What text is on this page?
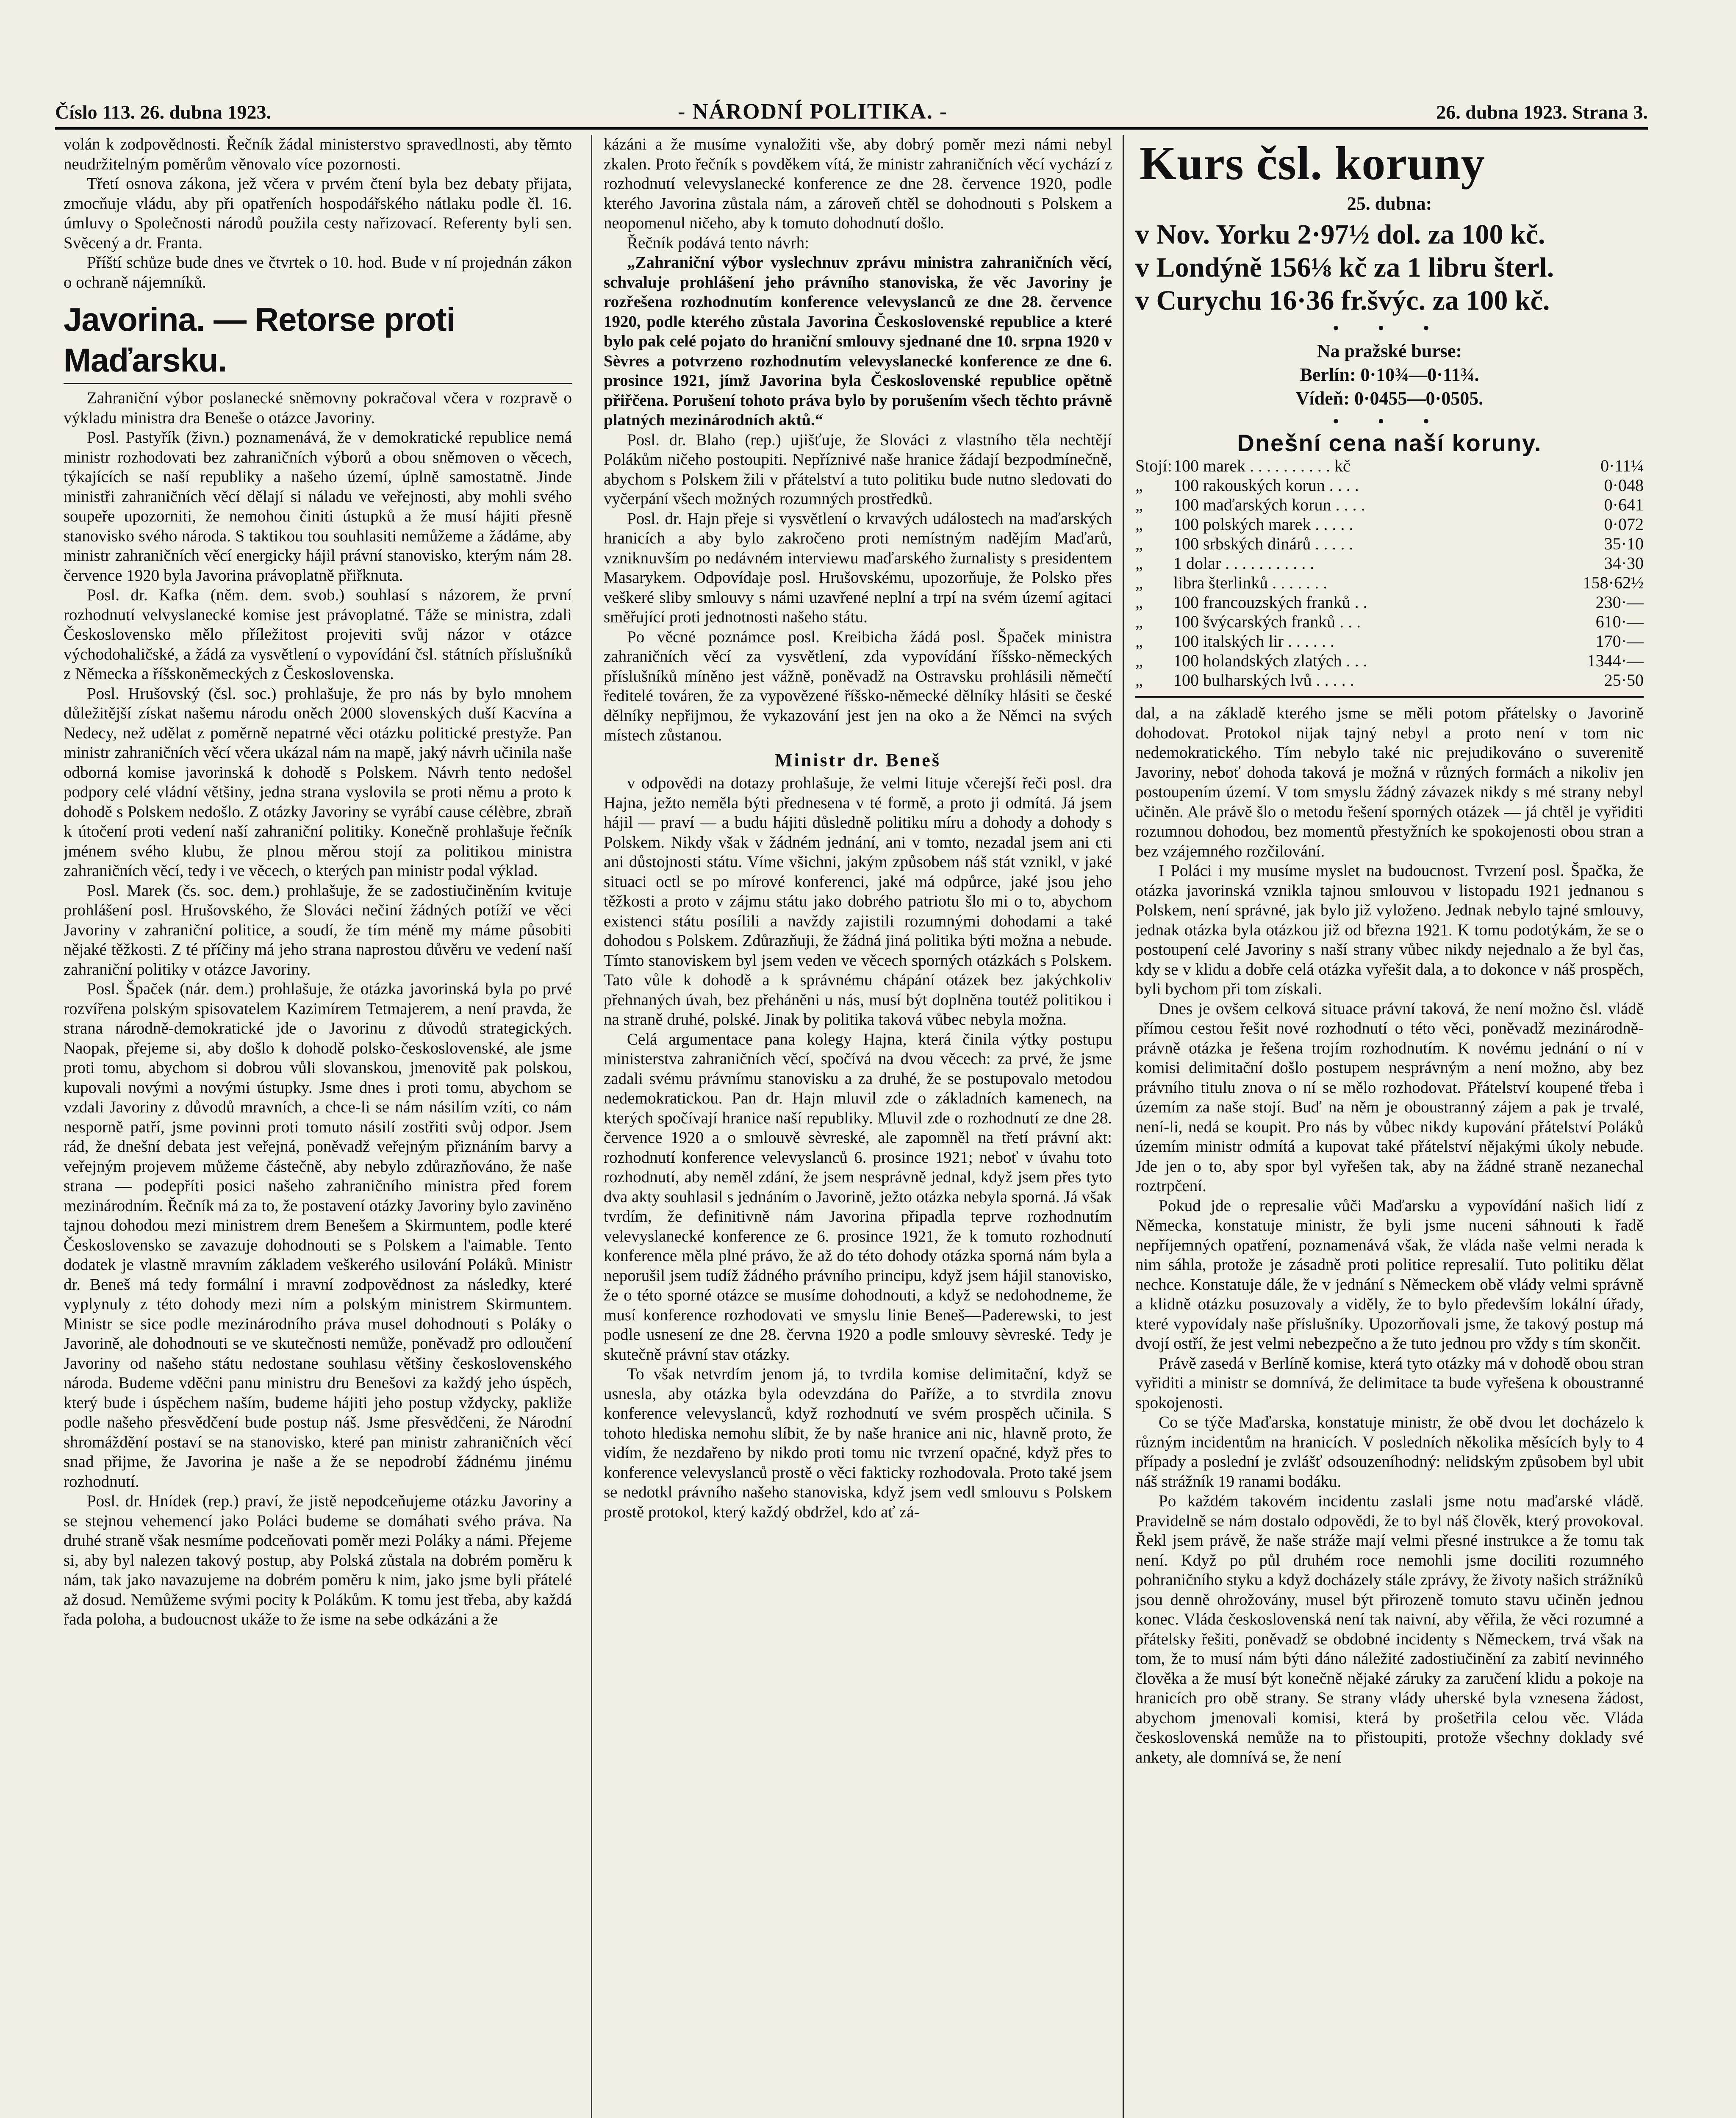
Číslo 113. 26. dubna 1923.	- NÁRODNÍ POLITIKA. -	26. dubna 1923. Strana 3.

volán k zodpovědnosti. Řečník žádal ministerstvo spravedlnosti, aby těmto neudržitelným poměrům věnovalo více pozornosti.

Třetí osnova zákona, jež včera v prvém čtení byla bez debaty přijata, zmocňuje vládu, aby při opatřeních hospodářského nátlaku podle čl. 16. úmluvy o Společnosti národů použila cesty nařizovací. Referenty byli sen. Svěcený a dr. Franta.

Příští schůze bude dnes ve čtvrtek o 10. hod. Bude v ní projednán zákon o ochraně nájemníků.

Javorina. — Retorse proti Maďarsku.

Zahraniční výbor poslanecké sněmovny pokračoval včera v rozpravě o výkladu ministra dra Beneše o otázce Javoriny.

Posl. Pastyřík (živn.) poznamenává, že v demokratické republice nemá ministr rozhodovati bez zahraničních výborů a obou sněmoven o věcech, týkajících se naší republiky a našeho území, úplně samostatně. Jinde ministři zahraničních věcí dělají si náladu ve veřejnosti, aby mohli svého soupeře upozorniti, že nemohou činiti ústupků a že musí hájiti přesně stanovisko svého národa. S taktikou tou souhlasiti nemůžeme a žádáme, aby ministr zahraničních věcí energicky hájil právní stanovisko, kterým nám 28. července 1920 byla Javorina právoplatně přiřknuta.

Posl. dr. Kafka (něm. dem. svob.) souhlasí s názorem, že první rozhodnutí velvyslanecké komise jest právoplatné. Táže se ministra, zdali Československo mělo příležitost projeviti svůj názor v otázce východohaličské, a žádá za vysvětlení o vypovídání čsl. státních příslušníků z Německa a říšskoněmeckých z Československa.

Posl. Hrušovský (čsl. soc.) prohlašuje, že pro nás by bylo mnohem důležitější získat našemu národu oněch 2000 slovenských duší Kacvína a Nedecy, než udělat z poměrně nepatrné věci otázku politické prestyže. Pan ministr zahraničních věcí včera ukázal nám na mapě, jaký návrh učinila naše odborná komise javorinská k dohodě s Polskem. Návrh tento nedošel podpory celé vládní většiny, jedna strana vyslovila se proti němu a proto k dohodě s Polskem nedošlo. Z otázky Javoriny se vyrábí cause célèbre, zbraň k útočení proti vedení naší zahraniční politiky. Konečně prohlašuje řečník jménem svého klubu, že plnou měrou stojí za politikou ministra zahraničních věcí, tedy i ve věcech, o kterých pan ministr podal výklad.

Posl. Marek (čs. soc. dem.) prohlašuje, že se zadostiučiněním kvituje prohlášení posl. Hrušovského, že Slováci nečiní žádných potíží ve věci Javoriny v zahraniční politice, a soudí, že tím méně my máme působiti nějaké těžkosti. Z té příčiny má jeho strana naprostou důvěru ve vedení naší zahraniční politiky v otázce Javoriny.

Posl. Špaček (nár. dem.) prohlašuje, že otázka javorinská byla po prvé rozvířena polským spisovatelem Kazimírem Tetmajerem, a není pravda, že strana národně-demokratické jde o Javorinu z důvodů strategických. Naopak, přejeme si, aby došlo k dohodě polsko-československé, ale jsme proti tomu, abychom si dobrou vůli slovanskou, jmenovitě pak polskou, kupovali novými a novými ústupky. Jsme dnes i proti tomu, abychom se vzdali Javoriny z důvodů mravních, a chce-li se nám násilím vzíti, co nám nesporně patří, jsme povinni proti tomuto násilí zostřiti svůj odpor. Jsem rád, že dnešní debata jest veřejná, poněvadž veřejným přiznáním barvy a veřejným projevem můžeme částečně, aby nebylo zdůrazňováno, že naše strana — podepříti posici našeho zahraničního ministra před forem mezinárodním. Řečník má za to, že postavení otázky Javoriny bylo zaviněno tajnou dohodou mezi ministrem drem Benešem a Skirmuntem, podle které Československo se zavazuje dohodnouti se s Polskem a l'aimable. Tento dodatek je vlastně mravním základem veškerého usilování Poláků. Ministr dr. Beneš má tedy formální i mravní zodpovědnost za následky, které vyplynuly z této dohody mezi ním a polským ministrem Skirmuntem. Ministr se sice podle mezinárodního práva musel dohodnouti s Poláky o Javorině, ale dohodnouti se ve skutečnosti nemůže, poněvadž pro odloučení Javoriny od našeho státu nedostane souhlasu většiny československého národa. Budeme vděčni panu ministru dru Benešovi za každý jeho úspěch, který bude i úspěchem naším, budeme hájiti jeho postup vždycky, pakliže podle našeho přesvědčení bude postup náš. Jsme přesvědčeni, že Národní shromáždění postaví se na stanovisko, které pan ministr zahraničních věcí snad přijme, že Javorina je naše a že se nepodrobí žádnému jinému rozhodnutí.

Posl. dr. Hnídek (rep.) praví, že jistě nepodceňujeme otázku Javoriny a se stejnou vehemencí jako Poláci budeme se domáhati svého práva. Na druhé straně však nesmíme podceňovati poměr mezi Poláky a námi. Přejeme si, aby byl nalezen takový postup, aby Polská zůstala na dobrém poměru k nám, tak jako navazujeme na dobrém poměru k nim, jako jsme byli přátelé až dosud. Nemůžeme svými pocity k Polákům. K tomu jest třeba, aby každá řada poloha, a budoucnost ukáže to že isme na sebe odkázáni a že

kázáni a že musíme vynaložiti vše, aby dobrý poměr mezi námi nebyl zkalen. Proto řečník s povděkem vítá, že ministr zahraničních věcí vychází z rozhodnutí velevyslanecké konference ze dne 28. července 1920, podle kterého Javorina zůstala nám, a zároveň chtěl se dohodnouti s Polskem a neopomenul ničeho, aby k tomuto dohodnutí došlo.

Řečník podává tento návrh:

„Zahraniční výbor vyslechnuv zprávu ministra zahraničních věcí, schvaluje prohlášení jeho právního stanoviska, že věc Javoriny je rozřešena rozhodnutím konference velevyslanců ze dne 28. července 1920, podle kterého zůstala Javorina Československé republice a které bylo pak celé pojato do hraniční smlouvy sjednané dne 10. srpna 1920 v Sèvres a potvrzeno rozhodnutím velevyslanecké konference ze dne 6. prosince 1921, jímž Javorina byla Československé republice opětně přiřčena. Porušení tohoto práva bylo by porušením všech těchto právně platných mezinárodních aktů.“

Posl. dr. Blaho (rep.) ujišťuje, že Slováci z vlastního těla nechtějí Polákům ničeho postoupiti. Nepříznivé naše hranice žádají bezpodmínečně, abychom s Polskem žili v přátelství a tuto politiku bude nutno sledovati do vyčerpání všech možných rozumných prostředků.

Posl. dr. Hajn přeje si vysvětlení o krvavých událostech na maďarských hranicích a aby bylo zakročeno proti nemístným nadějím Maďarů, vzniknuvším po nedávném interviewu maďarského žurnalisty s presidentem Masarykem. Odpovídaje posl. Hrušovskému, upozorňuje, že Polsko přes veškeré sliby smlouvy s námi uzavřené neplní a trpí na svém území agitaci směřující proti jednotnosti našeho státu.

Po věcné poznámce posl. Kreibicha žádá posl. Špaček ministra zahraničních věcí za vysvětlení, zda vypovídání říšsko-německých příslušníků míněno jest vážně, poněvadž na Ostravsku prohlásili němečtí ředitelé továren, že za vypovězené říšsko-německé dělníky hlásiti se české dělníky nepřijmou, že vykazování jest jen na oko a že Němci na svých místech zůstanou.

Ministr dr. Beneš

v odpovědi na dotazy prohlašuje, že velmi lituje včerejší řeči posl. dra Hajna, ježto neměla býti přednesena v té formě, a proto ji odmítá. Já jsem hájil — praví — a budu hájiti důsledně politiku míru a dohody a dohody s Polskem. Nikdy však v žádném jednání, ani v tomto, nezadal jsem ani cti ani důstojnosti státu. Víme všichni, jakým způsobem náš stát vznikl, v jaké situaci octl se po mírové konferenci, jaké má odpůrce, jaké jsou jeho těžkosti a proto v zájmu státu jako dobrého patriotu šlo mi o to, abychom existenci státu posílili a navždy zajistili rozumnými dohodami a také dohodou s Polskem. Zdůrazňuji, že žádná jiná politika býti možna a nebude. Tímto stanoviskem byl jsem veden ve věcech sporných otázkách s Polskem. Tato vůle k dohodě a k správnému chápání otázek bez jakýchkoliv přehnaných úvah, bez přeháněni u nás, musí být doplněna toutéž politikou i na straně druhé, polské. Jinak by politika taková vůbec nebyla možna.

Celá argumentace pana kolegy Hajna, která činila výtky postupu ministerstva zahraničních věcí, spočívá na dvou věcech: za prvé, že jsme zadali svému právnímu stanovisku a za druhé, že se postupovalo metodou nedemokratickou. Pan dr. Hajn mluvil zde o základních kamenech, na kterých spočívají hranice naší republiky. Mluvil zde o rozhodnutí ze dne 28. července 1920 a o smlouvě sèvreské, ale zapomněl na třetí právní akt: rozhodnutí konference velevyslanců 6. prosince 1921; neboť v úvahu toto rozhodnutí, aby neměl zdání, že jsem nesprávně jednal, když jsem přes tyto dva akty souhlasil s jednáním o Javorině, ježto otázka nebyla sporná. Já však tvrdím, že definitivně nám Javorina připadla teprve rozhodnutím velevyslanecké konference ze 6. prosince 1921, že k tomuto rozhodnutí konference měla plné právo, že až do této dohody otázka sporná nám byla a neporušil jsem tudíž žádného právního principu, když jsem hájil stanovisko, že o této sporné otázce se musíme dohodnouti, a když se nedohodneme, že musí konference rozhodovati ve smyslu linie Beneš—Paderewski, to jest podle usnesení ze dne 28. června 1920 a podle smlouvy sèvreské. Tedy je skutečně právní stav otázky.

To však netvrdím jenom já, to tvrdila komise delimitační, když se usnesla, aby otázka byla odevzdána do Paříže, a to stvrdila znovu konference velevyslanců, když rozhodnutí ve svém prospěch učinila. S tohoto hlediska nemohu slíbit, že by naše hranice ani nic, hlavně proto, že vidím, že nezdařeno by nikdo proti tomu nic tvrzení opačné, když přes to konference velevyslanců prostě o věci fakticky rozhodovala. Proto také jsem se nedotkl právního našeho stanoviska, když jsem vedl smlouvu s Polskem prostě protokol, který každý obdržel, kdo ať zá-

Kurs čsl. koruny
25. dubna:
v Nov. Yorku 2·97½ dol. za 100 kč.
v Londýně 156⅛ kč za 1 libru šterl.
v Curychu 16·36 fr.švýc. za 100 kč.
• • •
Na pražské burse:
Berlín: 0·10¾—0·11¾.
Vídeň: 0·0455—0·0505.
• • •
Dnešní cena naší koruny.
Stojí:	100 marek . . . . . . . . . . kč	0·11¼
„	100 rakouských korun . . . .	0·048
„	100 maďarských korun . . . .	0·641
„	100 polských marek . . . . .	0·072
„	100 srbských dinárů . . . . .	35·10
„	1 dolar . . . . . . . . . . .	34·30
„	libra šterlinků . . . . . . .	158·62½
„	100 francouzských franků . .	230·—
„	100 švýcarských franků . . .	610·—
„	100 italských lir . . . . . .	170·—
„	100 holandských zlatých . . .	1344·—
„	100 bulharských lvů . . . . .	25·50

dal, a na základě kterého jsme se měli potom přátelsky o Javorině dohodovat. Protokol nijak tajný nebyl a proto není v tom nic nedemokratického. Tím nebylo také nic prejudikováno o suverenitě Javoriny, neboť dohoda taková je možná v různých formách a nikoliv jen postoupením území. V tom smyslu žádný závazek nikdy s mé strany nebyl učiněn. Ale právě šlo o metodu řešení sporných otázek — já chtěl je vyřiditi rozumnou dohodou, bez momentů přestyžních ke spokojenosti obou stran a bez vzájemného rozčilování.

I Poláci i my musíme myslet na budoucnost. Tvrzení posl. Špačka, že otázka javorinská vznikla tajnou smlouvou v listopadu 1921 jednanou s Polskem, není správné, jak bylo již vyloženo. Jednak nebylo tajné smlouvy, jednak otázka byla otázkou již od března 1921. K tomu podotýkám, že se o postoupení celé Javoriny s naší strany vůbec nikdy nejednalo a že byl čas, kdy se v klidu a dobře celá otázka vyřešit dala, a to dokonce v náš prospěch, byli bychom při tom získali.

Dnes je ovšem celková situace právní taková, že není možno čsl. vládě přímou cestou řešit nové rozhodnutí o této věci, poněvadž mezinárodně-právně otázka je řešena trojím rozhodnutím. K novému jednání o ní v komisi delimitační došlo postupem nesprávným a není možno, aby bez právního titulu znova o ní se mělo rozhodovat. Přátelství koupené třeba i územím za naše stojí. Buď na něm je oboustranný zájem a pak je trvalé, není-li, nedá se koupit. Pro nás by vůbec nikdy kupování přátelství Poláků územím ministr odmítá a kupovat také přátelství nějakými úkoly nebude. Jde jen o to, aby spor byl vyřešen tak, aby na žádné straně nezanechal roztrpčení.

Pokud jde o represalie vůči Maďarsku a vypovídání našich lidí z Německa, konstatuje ministr, že byli jsme nuceni sáhnouti k řadě nepříjemných opatření, poznamenává však, že vláda naše velmi nerada k nim sáhla, protože je zásadně proti politice represalií. Tuto politiku dělat nechce. Konstatuje dále, že v jednání s Německem obě vlády velmi správně a klidně otázku posuzovaly a viděly, že to bylo především lokální úřady, které vypovídaly naše příslušníky. Upozorňovali jsme, že takový postup má dvojí ostří, že jest velmi nebezpečno a že tuto jednou pro vždy s tím skončit.

Právě zasedá v Berlíně komise, která tyto otázky má v dohodě obou stran vyřiditi a ministr se domnívá, že delimitace ta bude vyřešena k oboustranné spokojenosti.

Co se týče Maďarska, konstatuje ministr, že obě dvou let docházelo k různým incidentům na hranicích. V posledních několika měsících byly to 4 případy a poslední je zvlášť odsouzeníhodný: nelidským způsobem byl ubit náš strážník 19 ranami bodáku.

Po každém takovém incidentu zaslali jsme notu maďarské vládě. Pravidelně se nám dostalo odpovědi, že to byl náš člověk, který provokoval. Řekl jsem právě, že naše stráže mají velmi přesné instrukce a že tomu tak není. Když po půl druhém roce nemohli jsme dociliti rozumného pohraničního styku a když docházely stále zprávy, že životy našich strážníků jsou denně ohrožovány, musel být přirozeně tomuto stavu učiněn jednou konec. Vláda československá není tak naivní, aby věřila, že věci rozumné a přátelsky řešiti, poněvadž se obdobné incidenty s Německem, trvá však na tom, že to musí nám býti dáno náležité zadostiučinění za zabití nevinného člověka a že musí být konečně nějaké záruky za zaručení klidu a pokoje na hranicích pro obě strany. Se strany vlády uherské byla vznesena žádost, abychom jmenovali komisi, která by prošetřila celou věc. Vláda československá nemůže na to přistoupiti, protože všechny doklady své ankety, ale domnívá se, že není
